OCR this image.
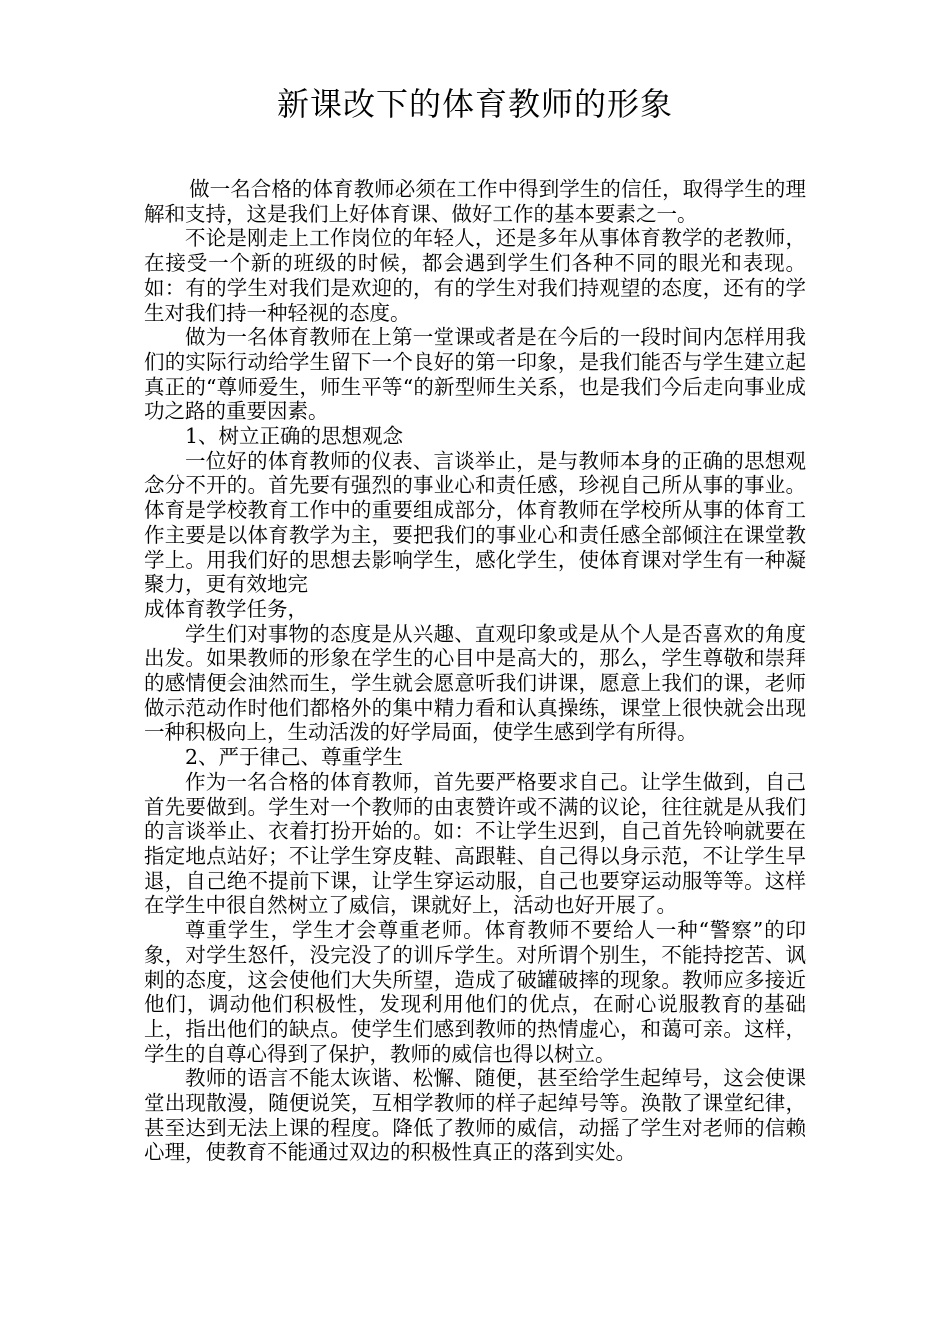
新课改下的体育教师的形象

做一名合格的体育教师必须在工作中得到学生的信任，取得学生的理解和支持，这是我们上好体育课、做好工作的基本要素之一。

不论是刚走上工作岗位的年轻人，还是多年从事体育教学的老教师，在接受一个新的班级的时候，都会遇到学生们各种不同的眼光和表现。如：有的学生对我们是欢迎的，有的学生对我们持观望的态度，还有的学生对我们持一种轻视的态度。

做为一名体育教师在上第一堂课或者是在今后的一段时间内怎样用我们的实际行动给学生留下一个良好的第一印象，是我们能否与学生建立起真正的“尊师爱生，师生平等“的新型师生关系，也是我们今后走向事业成功之路的重要因素。

1、树立正确的思想观念

一位好的体育教师的仪表、言谈举止，是与教师本身的正确的思想观念分不开的。首先要有强烈的事业心和责任感，珍视自己所从事的事业。体育是学校教育工作中的重要组成部分，体育教师在学校所从事的体育工作主要是以体育教学为主，要把我们的事业心和责任感全部倾注在课堂教学上。用我们好的思想去影响学生，感化学生，使体育课对学生有一种凝聚力，更有效地完

成体育教学任务，

学生们对事物的态度是从兴趣、直观印象或是从个人是否喜欢的角度出发。如果教师的形象在学生的心目中是高大的，那么，学生尊敬和崇拜的感情便会油然而生，学生就会愿意听我们讲课，愿意上我们的课，老师做示范动作时他们都格外的集中精力看和认真操练，课堂上很快就会出现一种积极向上，生动活泼的好学局面，使学生感到学有所得。

2、严于律己、尊重学生

作为一名合格的体育教师，首先要严格要求自己。让学生做到，自己首先要做到。学生对一个教师的由衷赞许或不满的议论，往往就是从我们的言谈举止、衣着打扮开始的。如：不让学生迟到，自己首先铃响就要在指定地点站好；不让学生穿皮鞋、高跟鞋、自己得以身示范，不让学生早退，自己绝不提前下课，让学生穿运动服，自己也要穿运动服等等。这样在学生中很自然树立了威信，课就好上，活动也好开展了。

尊重学生，学生才会尊重老师。体育教师不要给人一种“警察”的印象，对学生怒仟，没完没了的训斥学生。对所谓个别生，不能持挖苦、讽刺的态度，这会使他们大失所望，造成了破罐破摔的现象。教师应多接近他们，调动他们积极性，发现利用他们的优点，在耐心说服教育的基础上，指出他们的缺点。使学生们感到教师的热情虚心，和蔼可亲。这样，学生的自尊心得到了保护，教师的威信也得以树立。

教师的语言不能太诙谐、松懈、随便，甚至给学生起绰号，这会使课堂出现散漫，随便说笑，互相学教师的样子起绰号等。涣散了课堂纪律，甚至达到无法上课的程度。降低了教师的威信，动摇了学生对老师的信赖心理，使教育不能通过双边的积极性真正的落到实处。
